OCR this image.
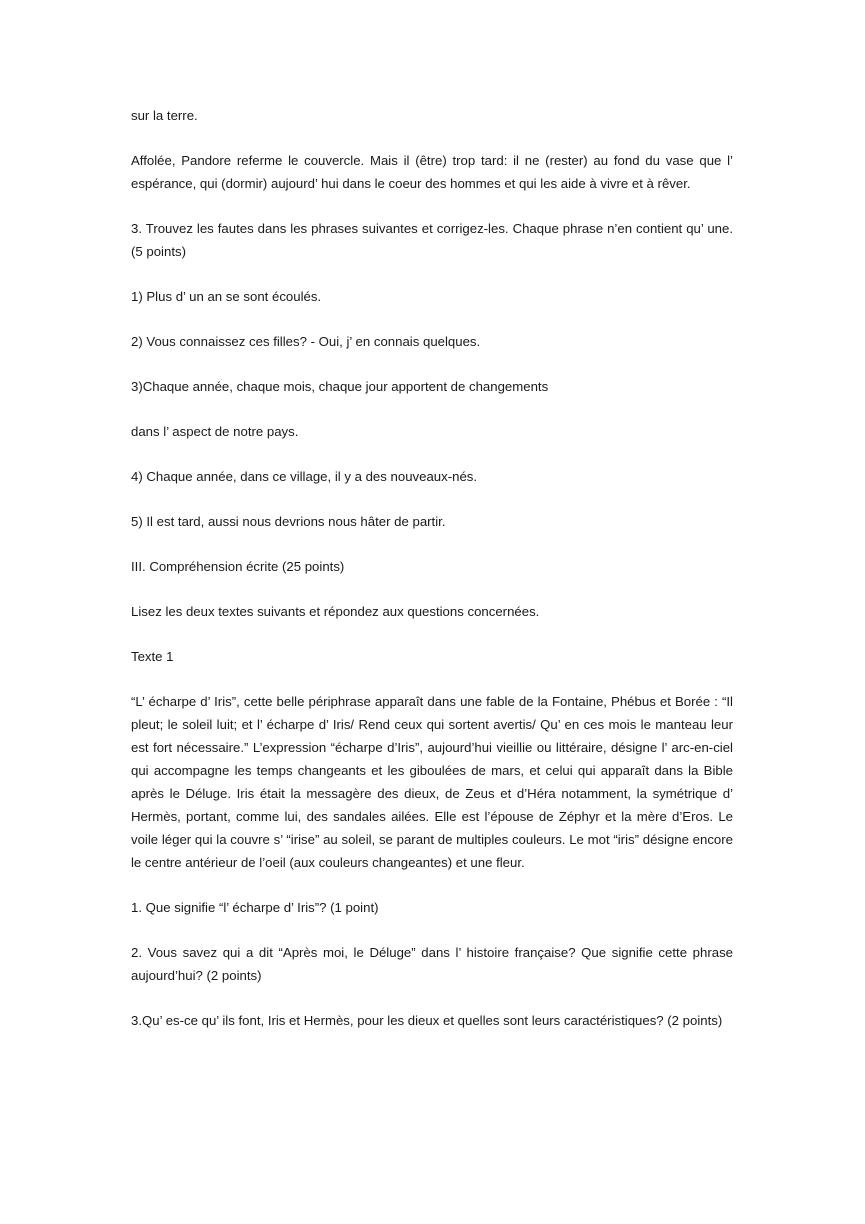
sur la terre.

Affolée, Pandore referme le couvercle. Mais il (être) trop tard: il ne (rester) au fond du vase que l’ espérance, qui (dormir) aujourd’ hui dans le coeur des hommes et qui les aide à vivre et à rêver.

3. Trouvez les fautes dans les phrases suivantes et corrigez-les. Chaque phrase n’en contient qu’ une. (5 points)

1) Plus d’ un an se sont écoulés.

2) Vous connaissez ces filles? - Oui, j’ en connais quelques.

3)Chaque année, chaque mois, chaque jour apportent de changements

dans l’ aspect de notre pays.

4) Chaque année, dans ce village, il y a des nouveaux-nés.

5) Il est tard, aussi nous devrions nous hâter de partir.

III. Compréhension écrite (25 points)

Lisez les deux textes suivants et répondez aux questions concernées.

Texte 1

“L’ écharpe d’ Iris”, cette belle périphrase apparaît dans une fable de la Fontaine, Phébus et Borée : “Il pleut; le soleil luit; et l’ écharpe d’ Iris/ Rend ceux qui sortent avertis/ Qu’ en ces mois le manteau leur est fort nécessaire.” L’expression “écharpe d’Iris”, aujourd’hui vieillie ou littéraire, désigne l’ arc-en-ciel qui accompagne les temps changeants et les giboulées de mars, et celui qui apparaît dans la Bible après le Déluge. Iris était la messagère des dieux, de Zeus et d’Héra notamment, la symétrique d’ Hermès, portant, comme lui, des sandales ailées. Elle est l’épouse de Zéphyr et la mère d’Eros. Le voile léger qui la couvre s’ “irise” au soleil, se parant de multiples couleurs. Le mot “iris” désigne encore le centre antérieur de l’oeil (aux couleurs changeantes) et une fleur.

1. Que signifie “l’ écharpe d’ Iris”? (1 point)

2. Vous savez qui a dit “Après moi, le Déluge” dans l’ histoire française? Que signifie cette phrase aujourd’hui? (2 points)

3.Qu’ es-ce qu’ ils font, Iris et Hermès, pour les dieux et quelles sont leurs caractéristiques? (2 points)
